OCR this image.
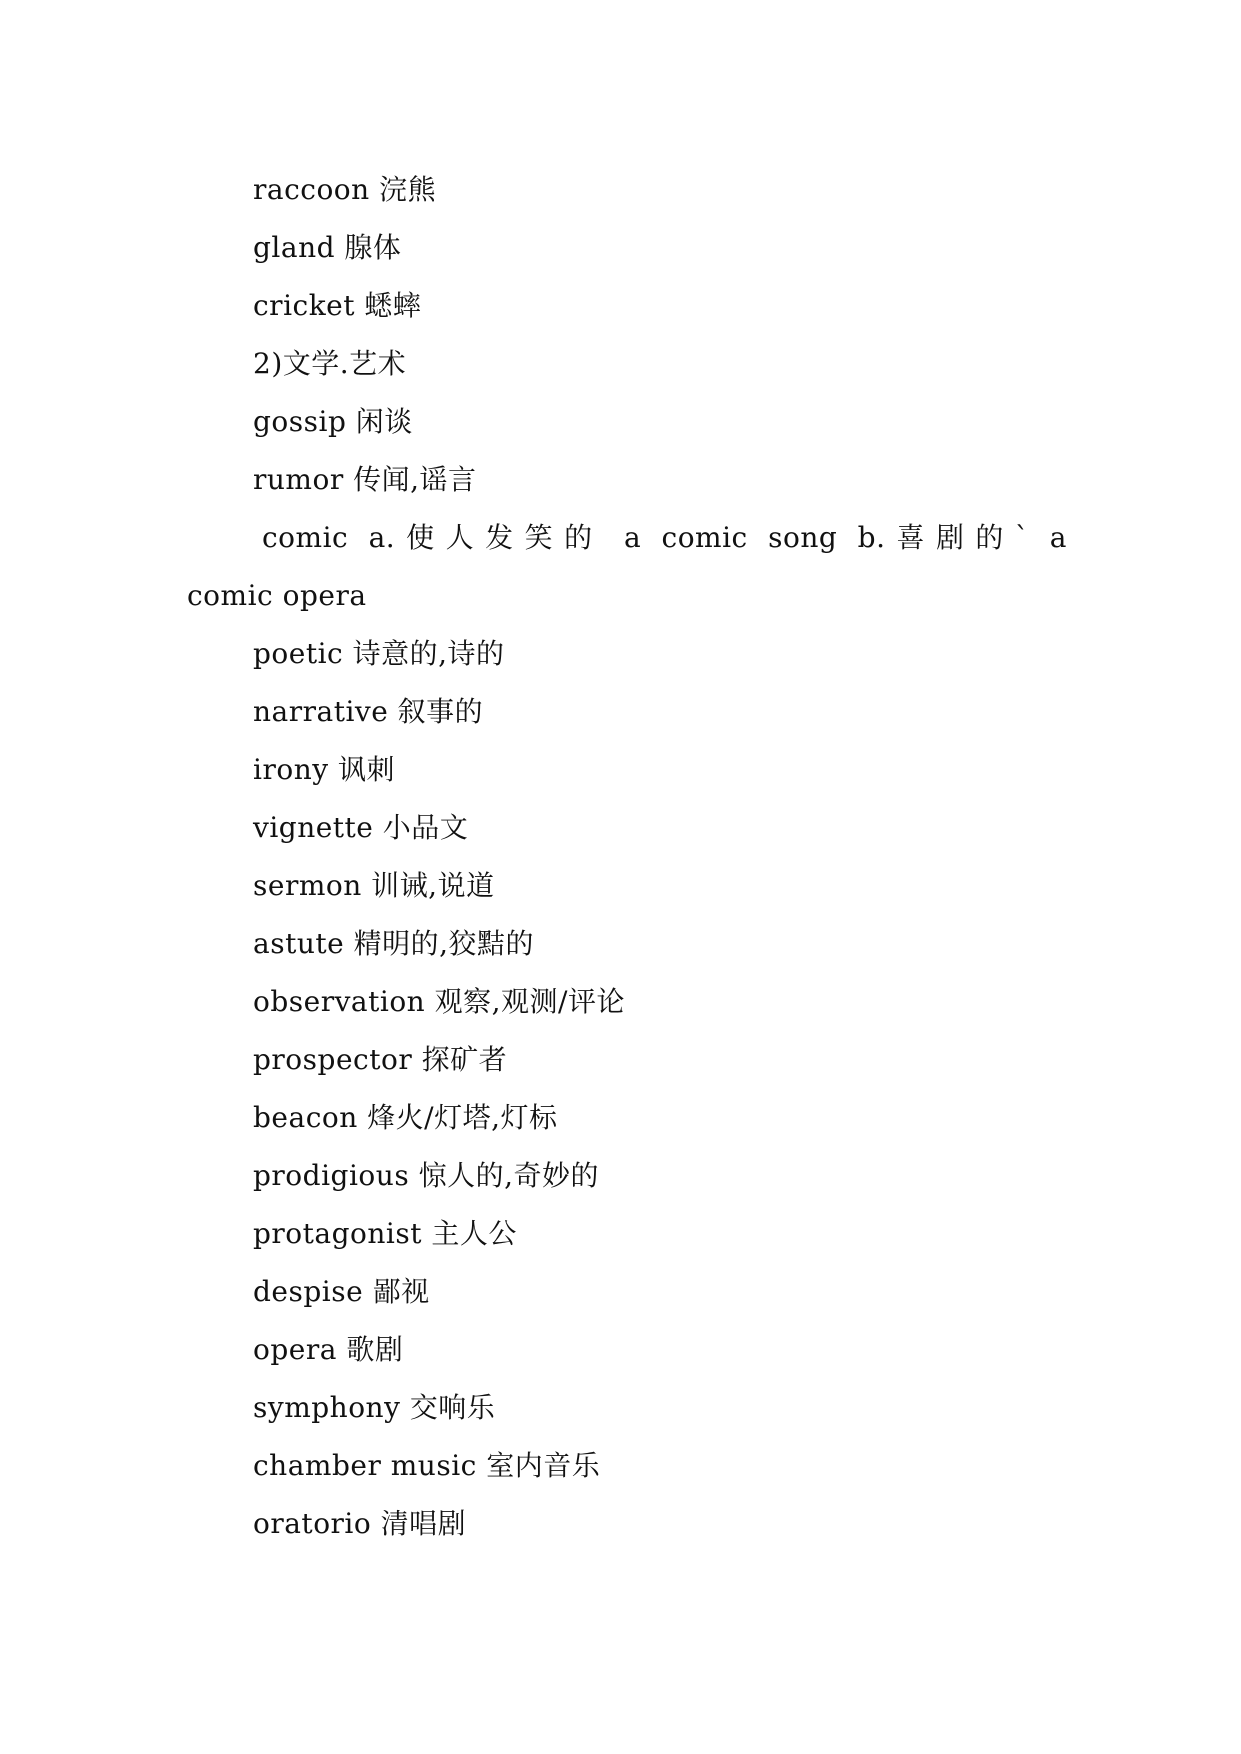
raccoon 浣熊
gland 腺体
cricket 蟋蟀
2)文学.艺术
gossip 闲谈
rumor 传闻,谣言
comic a.使人发笑的 a comic song b.喜剧的` a
comic opera
poetic 诗意的,诗的
narrative 叙事的
irony 讽刺
vignette 小品文
sermon 训诫,说道
astute 精明的,狡黠的
observation 观察,观测/评论
prospector 探矿者
beacon 烽火/灯塔,灯标
prodigious 惊人的,奇妙的
protagonist 主人公
despise 鄙视
opera 歌剧
symphony 交响乐
chamber music 室内音乐
oratorio 清唱剧
